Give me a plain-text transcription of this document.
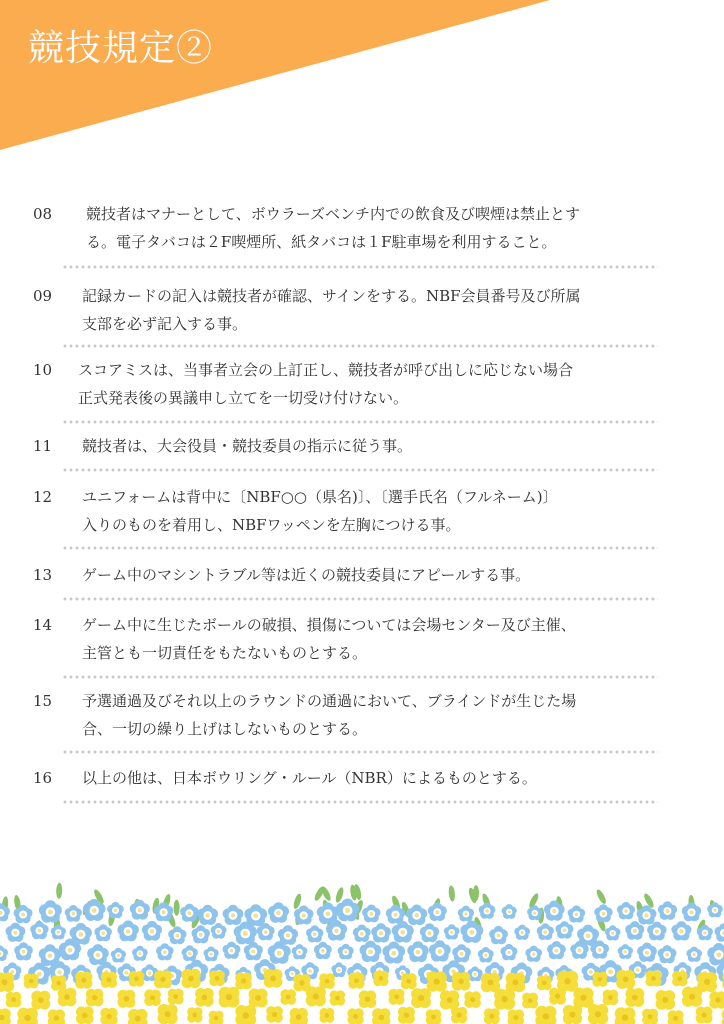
競技規定②
08 競技者はマナーとして、ボウラーズベンチ内での飲食及び喫煙は禁止とす
る。電子タバコは２F喫煙所、紙タバコは１F駐車場を利用すること。
09 記録カードの記入は競技者が確認、サインをする。NBF会員番号及び所属
支部を必ず記入する事。
10 スコアミスは、当事者立会の上訂正し、競技者が呼び出しに応じない場合
正式発表後の異議申し立てを一切受け付けない。
11 競技者は、大会役員・競技委員の指示に従う事。
12 ユニフォームは背中に〔NBF○○（県名)〕、〔選手氏名（フルネーム)〕
入りのものを着用し、NBFワッペンを左胸につける事。
13 ゲーム中のマシントラブル等は近くの競技委員にアピールする事。
14 ゲーム中に生じたボールの破損、損傷については会場センター及び主催、
主管とも一切責任をもたないものとする。
15 予選通過及びそれ以上のラウンドの通過において、ブラインドが生じた場
合、一切の繰り上げはしないものとする。
16 以上の他は、日本ボウリング・ルール（NBR）によるものとする。
